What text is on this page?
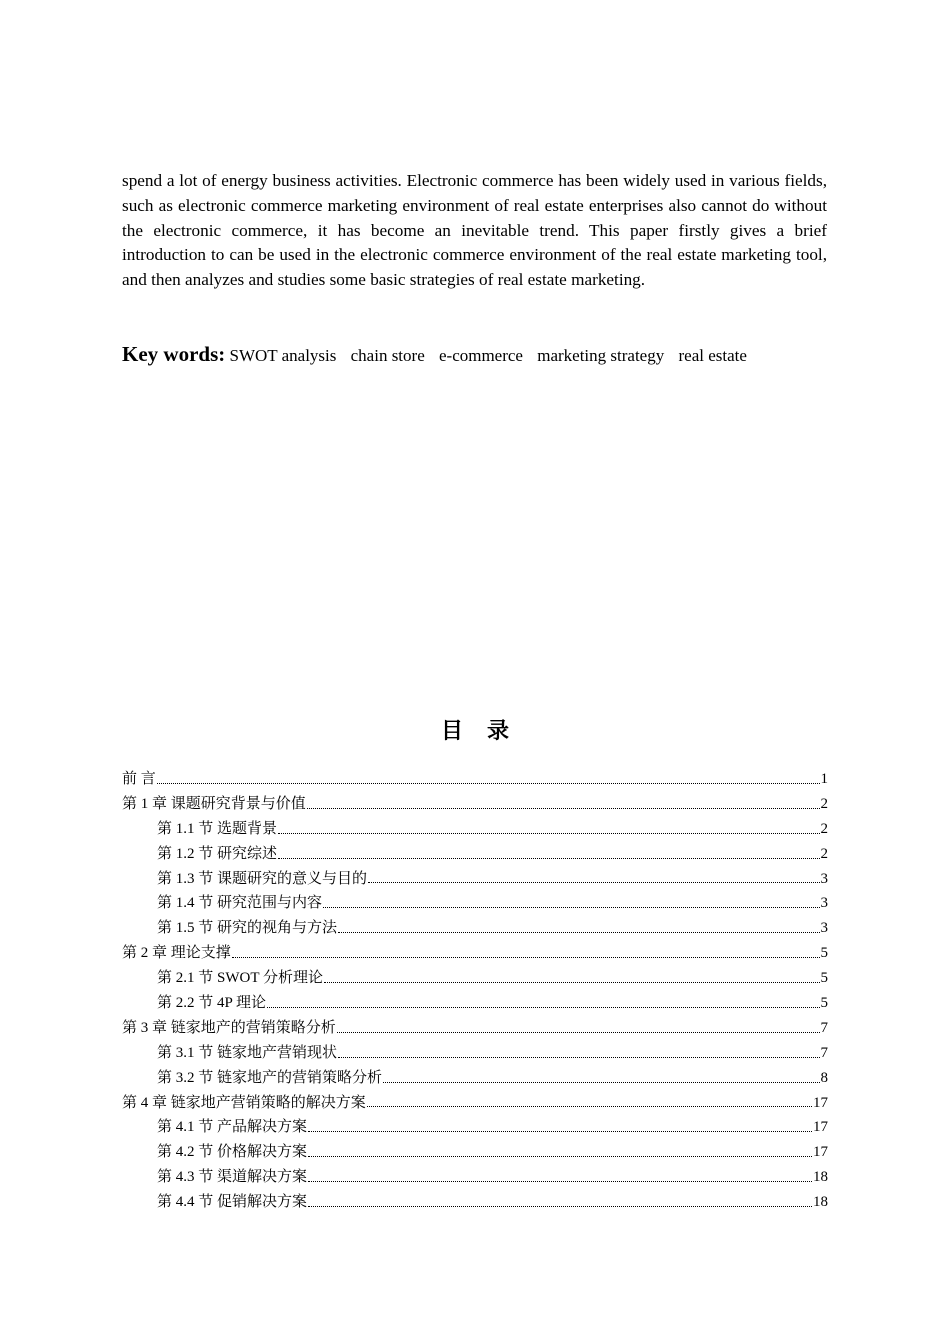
spend a lot of energy business activities. Electronic commerce has been widely used in various fields, such as electronic commerce marketing environment of real estate enterprises also cannot do without the electronic commerce, it has become an inevitable trend. This paper firstly gives a brief introduction to can be used in the electronic commerce environment of the real estate marketing tool, and then analyzes and studies some basic strategies of real estate marketing.

Key words: SWOT analysis chain store e-commerce marketing strategy real estate
目录
前 言	1
第 1 章 课题研究背景与价值	2
第 1.1 节 选题背景	2
第 1.2 节 研究综述	2
第 1.3 节 课题研究的意义与目的	3
第 1.4 节 研究范围与内容	3
第 1.5 节 研究的视角与方法	3
第 2 章 理论支撑	5
第 2.1 节 SWOT 分析理论	5
第 2.2 节 4P 理论	5
第 3 章 链家地产的营销策略分析	7
第 3.1 节 链家地产营销现状	7
第 3.2 节 链家地产的营销策略分析	8
第 4 章 链家地产营销策略的解决方案	17
第 4.1 节 产品解决方案	17
第 4.2 节 价格解决方案	17
第 4.3 节 渠道解决方案	18
第 4.4 节 促销解决方案	18
